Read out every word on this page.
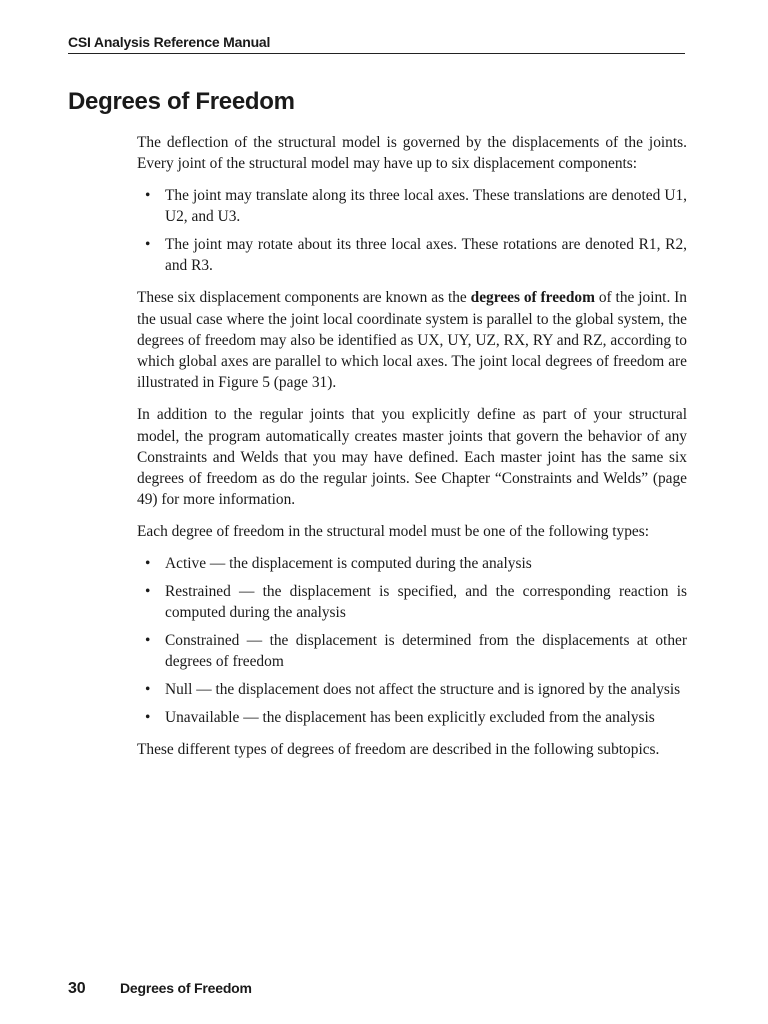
CSI Analysis Reference Manual
Degrees of Freedom

The deflection of the structural model is governed by the displacements of the joints. Every joint of the structural model may have up to six displacement components:

• The joint may translate along its three local axes. These translations are denoted U1, U2, and U3.
• The joint may rotate about its three local axes. These rotations are denoted R1, R2, and R3.

These six displacement components are known as the degrees of freedom of the joint. In the usual case where the joint local coordinate system is parallel to the global system, the degrees of freedom may also be identified as UX, UY, UZ, RX, RY and RZ, according to which global axes are parallel to which local axes. The joint local degrees of freedom are illustrated in Figure 5 (page 31).

In addition to the regular joints that you explicitly define as part of your structural model, the program automatically creates master joints that govern the behavior of any Constraints and Welds that you may have defined. Each master joint has the same six degrees of freedom as do the regular joints. See Chapter “Constraints and Welds” (page 49) for more information.

Each degree of freedom in the structural model must be one of the following types:

• Active — the displacement is computed during the analysis
• Restrained — the displacement is specified, and the corresponding reaction is computed during the analysis
• Constrained — the displacement is determined from the displacements at other degrees of freedom
• Null — the displacement does not affect the structure and is ignored by the analysis
• Unavailable — the displacement has been explicitly excluded from the analysis

These different types of degrees of freedom are described in the following subtopics.

30 Degrees of Freedom
